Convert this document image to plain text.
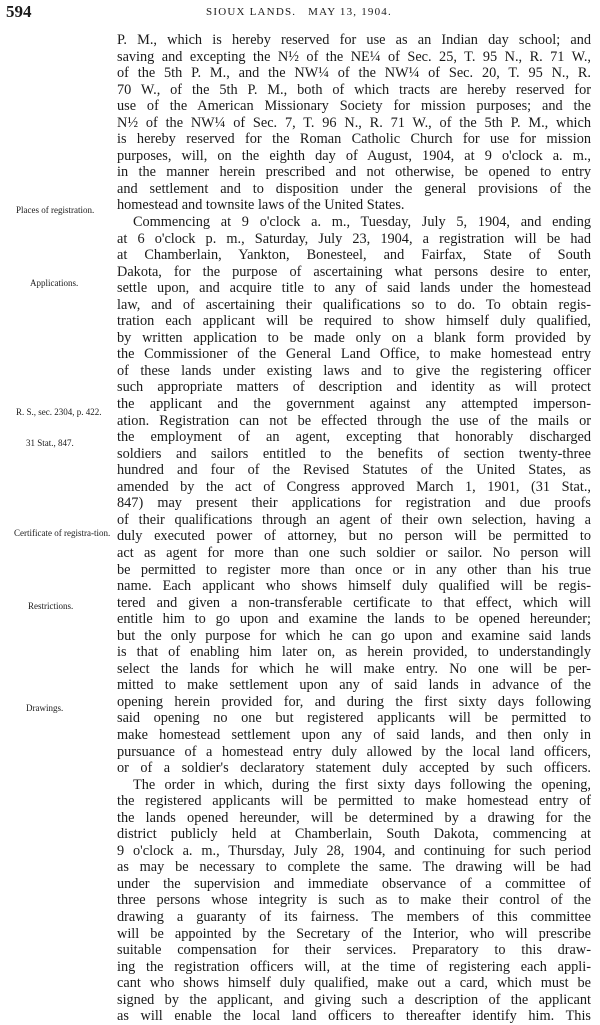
594	SIOUX LANDS. MAY 13, 1904.
Places of registration.
Applications.
R. S., sec. 2304, p. 422.
31 Stat., 847.
Certificate of registra-tion.
Restrictions.
Drawings.
P. M., which is hereby reserved for use as an Indian day school; and
saving and excepting the N½ of the NE¼ of Sec. 25, T. 95 N., R. 71 W.,
of the 5th P. M., and the NW¼ of the NW¼ of Sec. 20, T. 95 N., R.
70 W., of the 5th P. M., both of which tracts are hereby reserved for
use of the American Missionary Society for mission purposes; and the
N½ of the NW¼ of Sec. 7, T. 96 N., R. 71 W., of the 5th P. M., which
is hereby reserved for the Roman Catholic Church for use for mission
purposes, will, on the eighth day of August, 1904, at 9 o'clock a. m.,
in the manner herein prescribed and not otherwise, be opened to entry
and settlement and to disposition under the general provisions of the
homestead and townsite laws of the United States.
Commencing at 9 o'clock a. m., Tuesday, July 5, 1904, and ending
at 6 o'clock p. m., Saturday, July 23, 1904, a registration will be had
at Chamberlain, Yankton, Bonesteel, and Fairfax, State of South
Dakota, for the purpose of ascertaining what persons desire to enter,
settle upon, and acquire title to any of said lands under the homestead
law, and of ascertaining their qualifications so to do. To obtain regis-
tration each applicant will be required to show himself duly qualified,
by written application to be made only on a blank form provided by
the Commissioner of the General Land Office, to make homestead entry
of these lands under existing laws and to give the registering officer
such appropriate matters of description and identity as will protect
the applicant and the government against any attempted imperson-
ation. Registration can not be effected through the use of the mails or
the employment of an agent, excepting that honorably discharged
soldiers and sailors entitled to the benefits of section twenty-three
hundred and four of the Revised Statutes of the United States, as
amended by the act of Congress approved March 1, 1901, (31 Stat.,
847) may present their applications for registration and due proofs
of their qualifications through an agent of their own selection, having a
duly executed power of attorney, but no person will be permitted to
act as agent for more than one such soldier or sailor. No person will
be permitted to register more than once or in any other than his true
name. Each applicant who shows himself duly qualified will be regis-
tered and given a non-transferable certificate to that effect, which will
entitle him to go upon and examine the lands to be opened hereunder;
but the only purpose for which he can go upon and examine said lands
is that of enabling him later on, as herein provided, to understandingly
select the lands for which he will make entry. No one will be per-
mitted to make settlement upon any of said lands in advance of the
opening herein provided for, and during the first sixty days following
said opening no one but registered applicants will be permitted to
make homestead settlement upon any of said lands, and then only in
pursuance of a homestead entry duly allowed by the local land officers,
or of a soldier's declaratory statement duly accepted by such officers.
The order in which, during the first sixty days following the opening,
the registered applicants will be permitted to make homestead entry of
the lands opened hereunder, will be determined by a drawing for the
district publicly held at Chamberlain, South Dakota, commencing at
9 o'clock a. m., Thursday, July 28, 1904, and continuing for such period
as may be necessary to complete the same. The drawing will be had
under the supervision and immediate observance of a committee of
three persons whose integrity is such as to make their control of the
drawing a guaranty of its fairness. The members of this committee
will be appointed by the Secretary of the Interior, who will prescribe
suitable compensation for their services. Preparatory to this draw-
ing the registration officers will, at the time of registering each appli-
cant who shows himself duly qualified, make out a card, which must be
signed by the applicant, and giving such a description of the applicant
as will enable the local land officers to thereafter identify him. This
